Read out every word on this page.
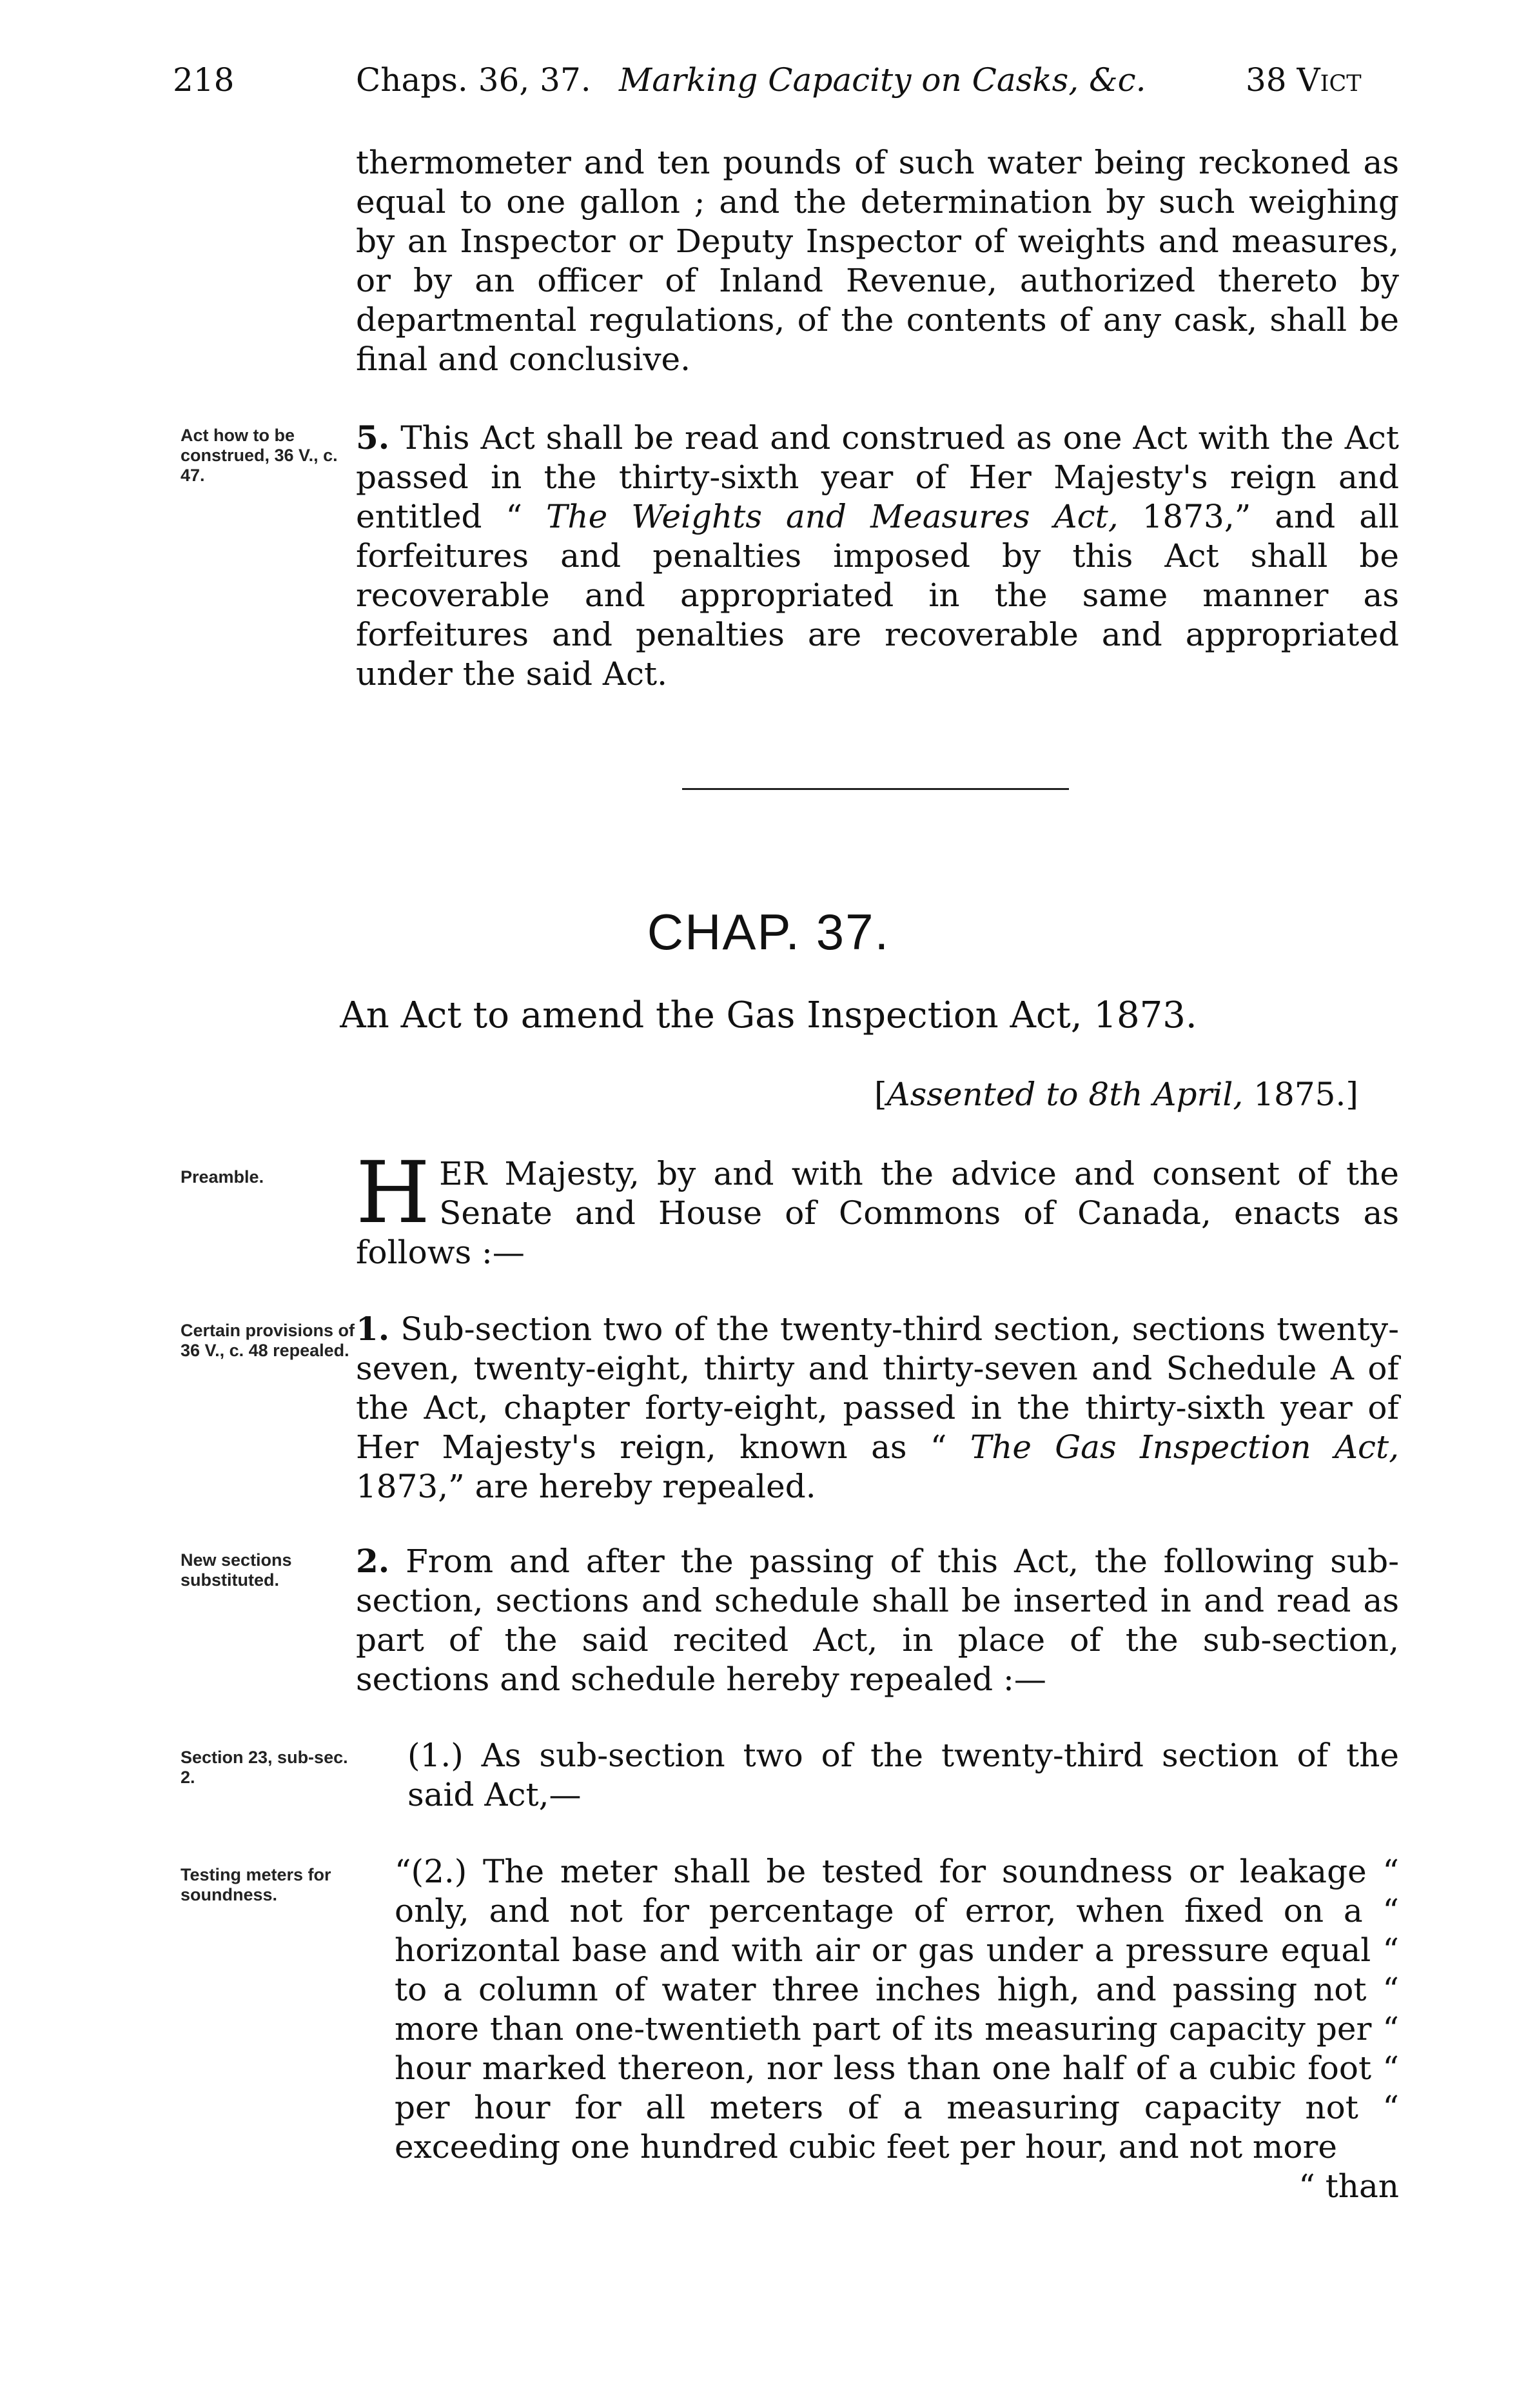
218	Chaps. 36, 37. Marking Capacity on Casks, &c.	38 Vict
thermometer and ten pounds of such water being reckoned as equal to one gallon ; and the determination by such weighing by an Inspector or Deputy Inspector of weights and measures, or by an officer of Inland Revenue, authorized thereto by departmental regulations, of the contents of any cask, shall be final and conclusive.
Act how to be construed, 36 V., c. 47.
5. This Act shall be read and construed as one Act with the Act passed in the thirty-sixth year of Her Majesty's reign and entitled “ The Weights and Measures Act, 1873,” and all forfeitures and penalties imposed by this Act shall be recoverable and appropriated in the same manner as forfeitures and penalties are recoverable and appropriated under the said Act.
CHAP. 37.
An Act to amend the Gas Inspection Act, 1873.
[Assented to 8th April, 1875.]
Preamble.	HER Majesty, by and with the advice and consent of the Senate and House of Commons of Canada, enacts as follows :—
Certain provisions of 36 V., c. 48 repealed.
1. Sub-section two of the twenty-third section, sections twenty-seven, twenty-eight, thirty and thirty-seven and Schedule A of the Act, chapter forty-eight, passed in the thirty-sixth year of Her Majesty's reign, known as “ The Gas Inspection Act, 1873,” are hereby repealed.
New sections substituted.	2. From and after the passing of this Act, the following sub-section, sections and schedule shall be inserted in and read as part of the said recited Act, in place of the sub-section, sections and schedule hereby repealed :—
Section 23, sub-sec. 2.
(1.) As sub-section two of the twenty-third section of the said Act,—
Testing meters for soundness.
“(2.) The meter shall be tested for soundness or leakage “ only, and not for percentage of error, when fixed on a “ horizontal base and with air or gas under a pressure equal “ to a column of water three inches high, and passing not “ more than one-twentieth part of its measuring capacity per “ hour marked thereon, nor less than one half of a cubic foot “ per hour for all meters of a measuring capacity not “ exceeding one hundred cubic feet per hour, and not more
“ than
